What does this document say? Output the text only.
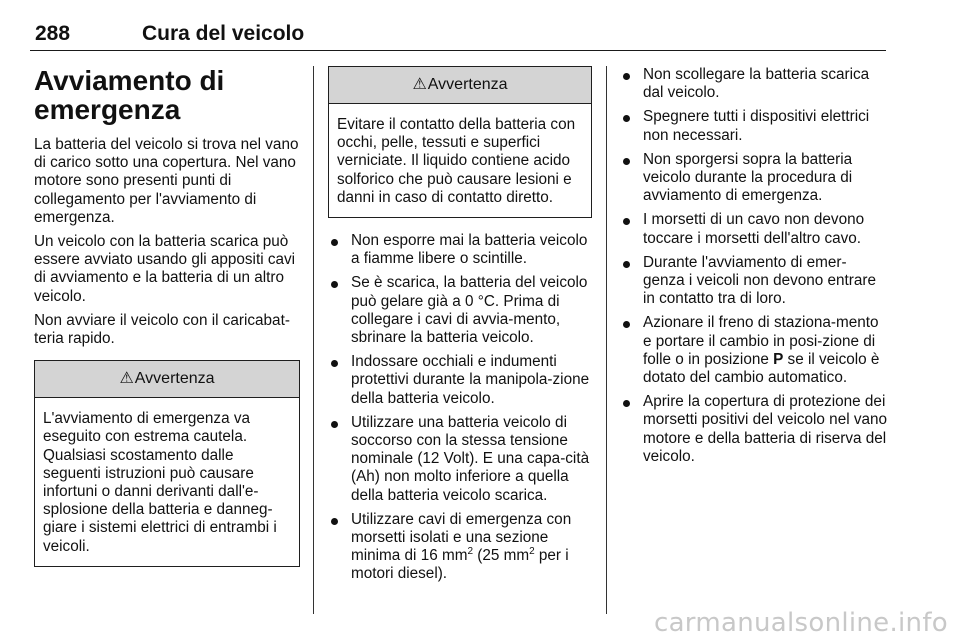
288	Cura del veicolo
Avviamento di emergenza

La batteria del veicolo si trova nel vano di carico sotto una copertura. Nel vano motore sono presenti punti di collegamento per l'avviamento di emergenza.

Un veicolo con la batteria scarica può essere avviato usando gli appositi cavi di avviamento e la batteria di un altro veicolo.

Non avviare il veicolo con il caricabat-teria rapido.

⚠Avvertenza
L'avviamento di emergenza va eseguito con estrema cautela. Qualsiasi scostamento dalle seguenti istruzioni può causare infortuni o danni derivanti dall'e-splosione della batteria e danneg-giare i sistemi elettrici di entrambi i veicoli.
⚠Avvertenza
Evitare il contatto della batteria con occhi, pelle, tessuti e superfici verniciate. Il liquido contiene acido solforico che può causare lesioni e danni in caso di contatto diretto.
Non esporre mai la batteria veicolo a fiamme libere o scintille.
Se è scarica, la batteria del veicolo può gelare già a 0 °C. Prima di collegare i cavi di avvia-mento, sbrinare la batteria veicolo.
Indossare occhiali e indumenti protettivi durante la manipola-zione della batteria veicolo.
Utilizzare una batteria veicolo di soccorso con la stessa tensione nominale (12 Volt). E una capa-cità (Ah) non molto inferiore a quella della batteria veicolo scarica.
Utilizzare cavi di emergenza con morsetti isolati e una sezione minima di 16 $mm^2$ (25 $mm^2$ per i motori diesel).
Non scollegare la batteria scarica dal veicolo.
Spegnere tutti i dispositivi elettrici non necessari.
Non sporgersi sopra la batteria veicolo durante la procedura di avviamento di emergenza.
I morsetti di un cavo non devono toccare i morsetti dell'altro cavo.
Durante l'avviamento di emer-genza i veicoli non devono entrare in contatto tra di loro.
Azionare il freno di staziona-mento e portare il cambio in posi-zione di folle o in posizione P se il veicolo è dotato del cambio automatico.
Aprire la copertura di protezione dei morsetti positivi del veicolo nel vano motore e della batteria di riserva del veicolo.
carmanualsonline.info
